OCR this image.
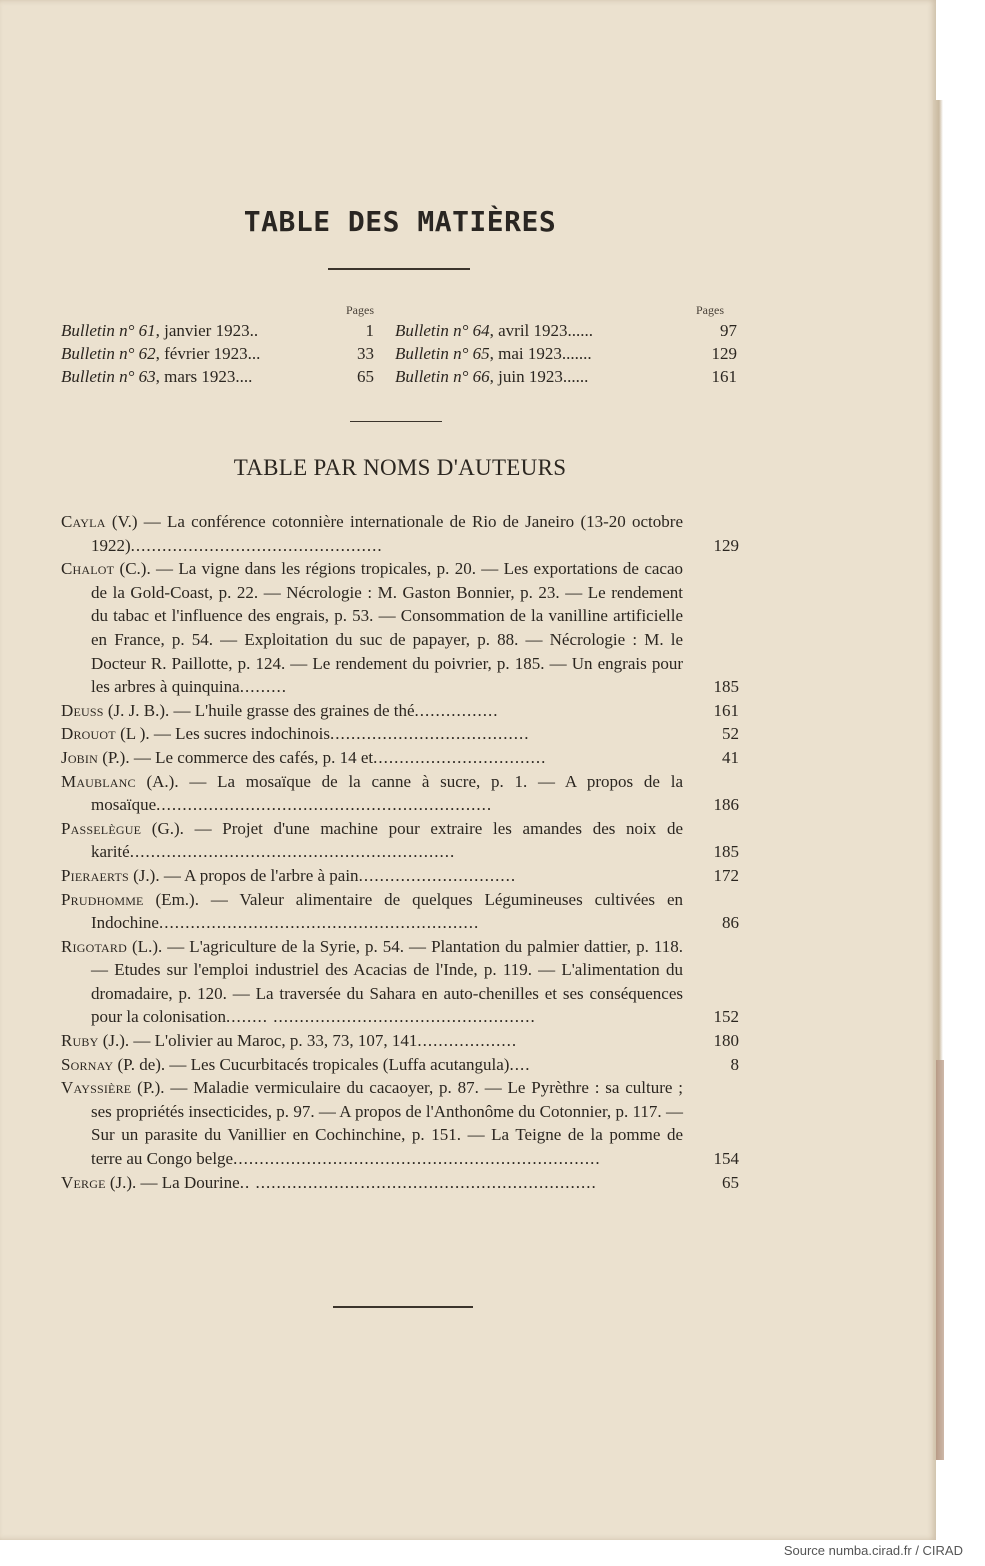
TABLE DES MATIÈRES
Pages	Pages
Bulletin n° 61, janvier 1923..	1
Bulletin n° 62, février 1923...	33
Bulletin n° 63, mars 1923....	65
Bulletin n° 64, avril 1923......	97
Bulletin n° 65, mai 1923.......	129
Bulletin n° 66, juin 1923......	161
TABLE PAR NOMS D'AUTEURS
Cayla (V.) — La conférence cotonnière internationale de Rio de Janeiro (13-20 octobre 1922)................................................	129
Chalot (C.). — La vigne dans les régions tropicales, p. 20. — Les exportations de cacao de la Gold-Coast, p. 22. — Nécrologie : M. Gaston Bonnier, p. 23. — Le rendement du tabac et l'influence des engrais, p. 53. — Consommation de la vanilline artificielle en France, p. 54. — Exploitation du suc de papayer, p. 88. — Nécrologie : M. le Docteur R. Paillotte, p. 124. — Le rendement du poivrier, p. 185. — Un engrais pour les arbres à quinquina.........	185
Deuss (J. J. B.). — L'huile grasse des graines de thé................	161
Drouot (L ). — Les sucres indochinois......................................	52
Jobin (P.). — Le commerce des cafés, p. 14 et.................................	41
Maublanc (A.). — La mosaïque de la canne à sucre, p. 1. — A propos de la mosaïque................................................................	186
Passelègue (G.). — Projet d'une machine pour extraire les amandes des noix de karité..............................................................	185
Pieraerts (J.). — A propos de l'arbre à pain..............................	172
Prudhomme (Em.). — Valeur alimentaire de quelques Légumineuses cultivées en Indochine.............................................................	86
Rigotard (L.). — L'agriculture de la Syrie, p. 54. — Plantation du palmier dattier, p. 118. — Etudes sur l'emploi industriel des Acacias de l'Inde, p. 119. — L'alimentation du dromadaire, p. 120. — La traversée du Sahara en auto-chenilles et ses conséquences pour la colonisation........ ..................................................	152
Ruby (J.). — L'olivier au Maroc, p. 33, 73, 107, 141...................	180
Sornay (P. de). — Les Cucurbitacés tropicales (Luffa acutangula)....	8
Vayssière (P.). — Maladie vermiculaire du cacaoyer, p. 87. — Le Pyrèthre : sa culture ; ses propriétés insecticides, p. 97. — A propos de l'Anthonôme du Cotonnier, p. 117. — Sur un parasite du Vanillier en Cochinchine, p. 151. — La Teigne de la pomme de terre au Congo belge......................................................................	154
Verge (J.). — La Dourine.. .................................................................	65
Source numba.cirad.fr / CIRAD
